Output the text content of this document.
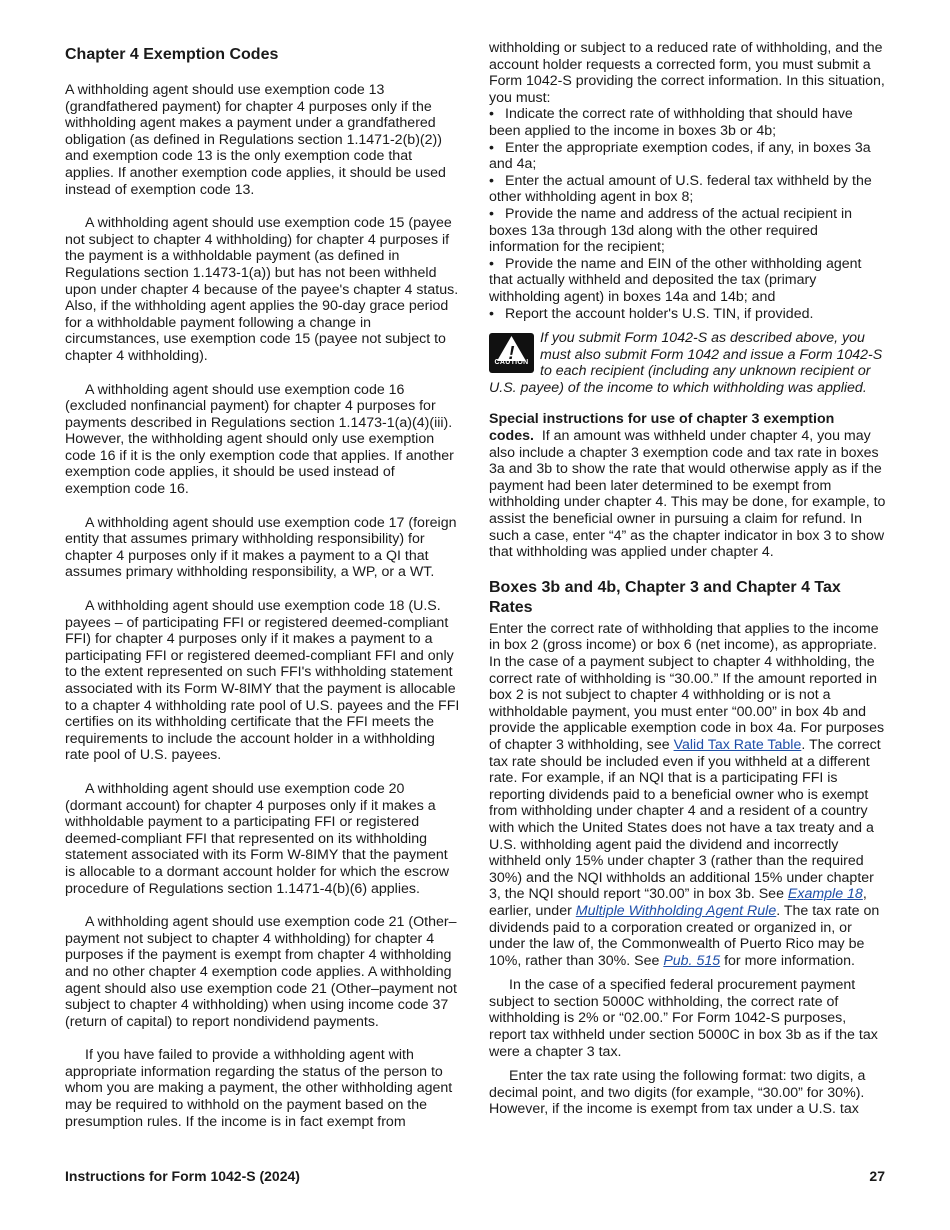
Chapter 4 Exemption Codes

A withholding agent should use exemption code 13 (grandfathered payment) for chapter 4 purposes only if the withholding agent makes a payment under a grandfathered obligation (as defined in Regulations section 1.1471-2(b)(2)) and exemption code 13 is the only exemption code that applies. If another exemption code applies, it should be used instead of exemption code 13.

A withholding agent should use exemption code 15 (payee not subject to chapter 4 withholding) for chapter 4 purposes if the payment is a withholdable payment (as defined in Regulations section 1.1473-1(a)) but has not been withheld upon under chapter 4 because of the payee's chapter 4 status. Also, if the withholding agent applies the 90-day grace period for a withholdable payment following a change in circumstances, use exemption code 15 (payee not subject to chapter 4 withholding).

A withholding agent should use exemption code 16 (excluded nonfinancial payment) for chapter 4 purposes for payments described in Regulations section 1.1473-1(a)(4)(iii). However, the withholding agent should only use exemption code 16 if it is the only exemption code that applies. If another exemption code applies, it should be used instead of exemption code 16.

A withholding agent should use exemption code 17 (foreign entity that assumes primary withholding responsibility) for chapter 4 purposes only if it makes a payment to a QI that assumes primary withholding responsibility, a WP, or a WT.

A withholding agent should use exemption code 18 (U.S. payees – of participating FFI or registered deemed-compliant FFI) for chapter 4 purposes only if it makes a payment to a participating FFI or registered deemed-compliant FFI and only to the extent represented on such FFI's withholding statement associated with its Form W-8IMY that the payment is allocable to a chapter 4 withholding rate pool of U.S. payees and the FFI certifies on its withholding certificate that the FFI meets the requirements to include the account holder in a withholding rate pool of U.S. payees.

A withholding agent should use exemption code 20 (dormant account) for chapter 4 purposes only if it makes a withholdable payment to a participating FFI or registered deemed-compliant FFI that represented on its withholding statement associated with its Form W-8IMY that the payment is allocable to a dormant account holder for which the escrow procedure of Regulations section 1.1471-4(b)(6) applies.

A withholding agent should use exemption code 21 (Other–payment not subject to chapter 4 withholding) for chapter 4 purposes if the payment is exempt from chapter 4 withholding and no other chapter 4 exemption code applies. A withholding agent should also use exemption code 21 (Other–payment not subject to chapter 4 withholding) when using income code 37 (return of capital) to report nondividend payments.

If you have failed to provide a withholding agent with appropriate information regarding the status of the person to whom you are making a payment, the other withholding agent may be required to withhold on the payment based on the presumption rules. If the income is in fact exempt from

withholding or subject to a reduced rate of withholding, and the account holder requests a corrected form, you must submit a Form 1042-S providing the correct information. In this situation, you must:

• Indicate the correct rate of withholding that should have been applied to the income in boxes 3b or 4b;

• Enter the appropriate exemption codes, if any, in boxes 3a and 4a;

• Enter the actual amount of U.S. federal tax withheld by the other withholding agent in box 8;

• Provide the name and address of the actual recipient in boxes 13a through 13d along with the other required information for the recipient;

• Provide the name and EIN of the other withholding agent that actually withheld and deposited the tax (primary withholding agent) in boxes 14a and 14b; and

• Report the account holder's U.S. TIN, if provided.

!
CAUTION
If you submit Form 1042-S as described above, you must also submit Form 1042 and issue a Form 1042-S to each recipient (including any unknown recipient or U.S. payee) of the income to which withholding was applied.

Special instructions for use of chapter 3 exemption codes. If an amount was withheld under chapter 4, you may also include a chapter 3 exemption code and tax rate in boxes 3a and 3b to show the rate that would otherwise apply as if the payment had been later determined to be exempt from withholding under chapter 4. This may be done, for example, to assist the beneficial owner in pursuing a claim for refund. In such a case, enter “4” as the chapter indicator in box 3 to show that withholding was applied under chapter 4.

Boxes 3b and 4b, Chapter 3 and Chapter 4 Tax Rates

Enter the correct rate of withholding that applies to the income in box 2 (gross income) or box 6 (net income), as appropriate. In the case of a payment subject to chapter 4 withholding, the correct rate of withholding is “30.00.” If the amount reported in box 2 is not subject to chapter 4 withholding or is not a withholdable payment, you must enter “00.00” in box 4b and provide the applicable exemption code in box 4a. For purposes of chapter 3 withholding, see Valid Tax Rate Table. The correct tax rate should be included even if you withheld at a different rate. For example, if an NQI that is a participating FFI is reporting dividends paid to a beneficial owner who is exempt from withholding under chapter 4 and a resident of a country with which the United States does not have a tax treaty and a U.S. withholding agent paid the dividend and incorrectly withheld only 15% under chapter 3 (rather than the required 30%) and the NQI withholds an additional 15% under chapter 3, the NQI should report “30.00” in box 3b. See Example 18, earlier, under Multiple Withholding Agent Rule. The tax rate on dividends paid to a corporation created or organized in, or under the law of, the Commonwealth of Puerto Rico may be 10%, rather than 30%. See Pub. 515 for more information.

In the case of a specified federal procurement payment subject to section 5000C withholding, the correct rate of withholding is 2% or “02.00.” For Form 1042-S purposes, report tax withheld under section 5000C in box 3b as if the tax were a chapter 3 tax.

Enter the tax rate using the following format: two digits, a decimal point, and two digits (for example, “30.00” for 30%). However, if the income is exempt from tax under a U.S. tax

Instructions for Form 1042-S (2024)	27
